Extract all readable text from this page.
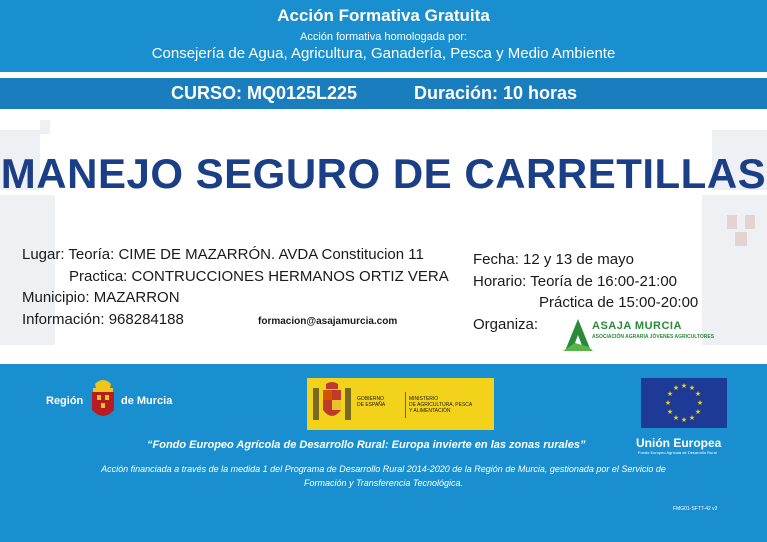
Acción Formativa Gratuita
Acción formativa homologada por:
Consejería de Agua, Agricultura, Ganadería, Pesca y Medio Ambiente
CURSO: MQ0125L225	Duración: 10 horas
MANEJO SEGURO DE CARRETILLAS
Lugar: Teoría: CIME DE MAZARRÓN. AVDA Constitucion 11
Practica: CONTRUCCIONES HERMANOS ORTIZ VERA
Municipio: MAZARRON
Información: 968284188	formacion@asajamurcia.com
Fecha: 12 y 13 de mayo
Horario: Teoría de 16:00-21:00
Práctica de 15:00-20:00
Organiza:	ASAJA MURCIA
ASOCIACIÓN AGRARIA JÓVENES AGRICULTORES
Región	de Murcia	GOBIERNO
DE ESPAÑA
MINISTERIO
DE AGRICULTURA, PESCA
Y ALIMENTACIÓN
★ ★
★
★
★
★
★
★
★
★
★
★
Unión Europea
Fondo Europeo Agrícola de Desarrollo Rural
“Fondo Europeo Agrícola de Desarrollo Rural: Europa invierte en las zonas rurales”
Acción financiada a través de la medida 1 del Programa de Desarrollo Rural 2014-2020 de la Región de Murcia, gestionada por el Servicio de
Formación y Transferencia Tecnológica.
FMG01-SFTT-42 v2
